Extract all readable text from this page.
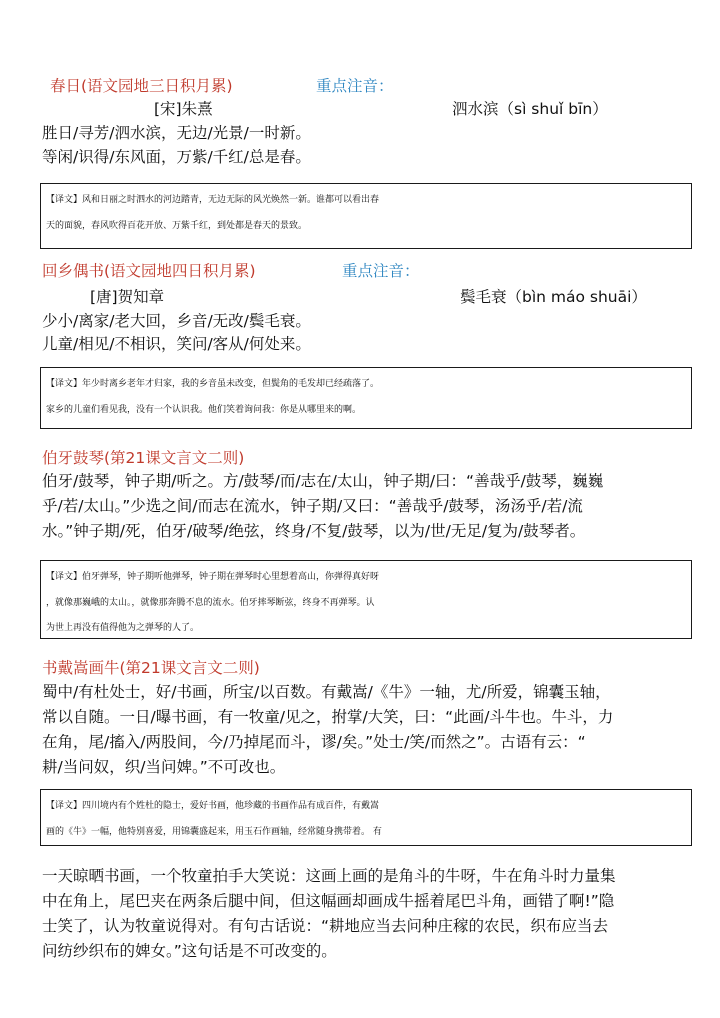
春日(语文园地三日积月累)	重点注音：
[宋]朱熹	泗水滨（sì shuǐ bīn）
胜日/寻芳/泗水滨，无边/光景/一时新。
等闲/识得/东风面，万紫/千红/总是春。
【译文】风和日丽之时泗水的河边踏青，无边无际的风光焕然一新。谁都可以看出春
天的面貌，春风吹得百花开放、万紫千红，到处都是春天的景致。
回乡偶书(语文园地四日积月累)	重点注音：
[唐]贺知章	鬓毛衰（bìn máo shuāi）
少小/离家/老大回，乡音/无改/鬓毛衰。
儿童/相见/不相识，笑问/客从/何处来。
【译文】年少时离乡老年才归家，我的乡音虽未改变，但鬓角的毛发却已经疏落了。
家乡的儿童们看见我，没有一个认识我。他们笑着询问我：你是从哪里来的啊。
伯牙鼓琴(第21课文言文二则)
伯牙/鼓琴，钟子期/听之。方/鼓琴/而/志在/太山，钟子期/曰：“善哉乎/鼓琴，巍巍
乎/若/太山。”少选之间/而志在流水，钟子期/又曰：“善哉乎/鼓琴，汤汤乎/若/流
水。”钟子期/死，伯牙/破琴/绝弦，终身/不复/鼓琴，以为/世/无足/复为/鼓琴者。
【译文】伯牙弹琴，钟子期听他弹琴，钟子期在弹琴时心里想着高山，你弹得真好呀
，就像那巍峨的太山。，就像那奔腾不息的流水。伯牙摔琴断弦，终身不再弹琴。认
为世上再没有值得他为之弹琴的人了。
书戴嵩画牛(第21课文言文二则)
蜀中/有杜处士，好/书画，所宝/以百数。有戴嵩/《牛》一轴，尤/所爱，锦囊玉轴，
常以自随。一日/曝书画，有一牧童/见之，拊掌/大笑，曰：“此画/斗牛也。牛斗，力
在角，尾/搐入/两股间，今/乃掉尾而斗，谬/矣。”处士/笑/而然之”。古语有云：“
耕/当问奴，织/当问婢。”不可改也。
【译文】四川境内有个姓杜的隐士，爱好书画，他珍藏的书画作品有成百件，有戴嵩
画的《牛》一幅，他特别喜爱，用锦囊盛起来，用玉石作画轴，经常随身携带着。 有
一天晾晒书画，一个牧童拍手大笑说：这画上画的是角斗的牛呀，牛在角斗时力量集
中在角上，尾巴夹在两条后腿中间，但这幅画却画成牛摇着尾巴斗角，画错了啊!”隐
士笑了，认为牧童说得对。有句古话说：“耕地应当去问种庄稼的农民，织布应当去
问纺纱织布的婢女。”这句话是不可改变的。
